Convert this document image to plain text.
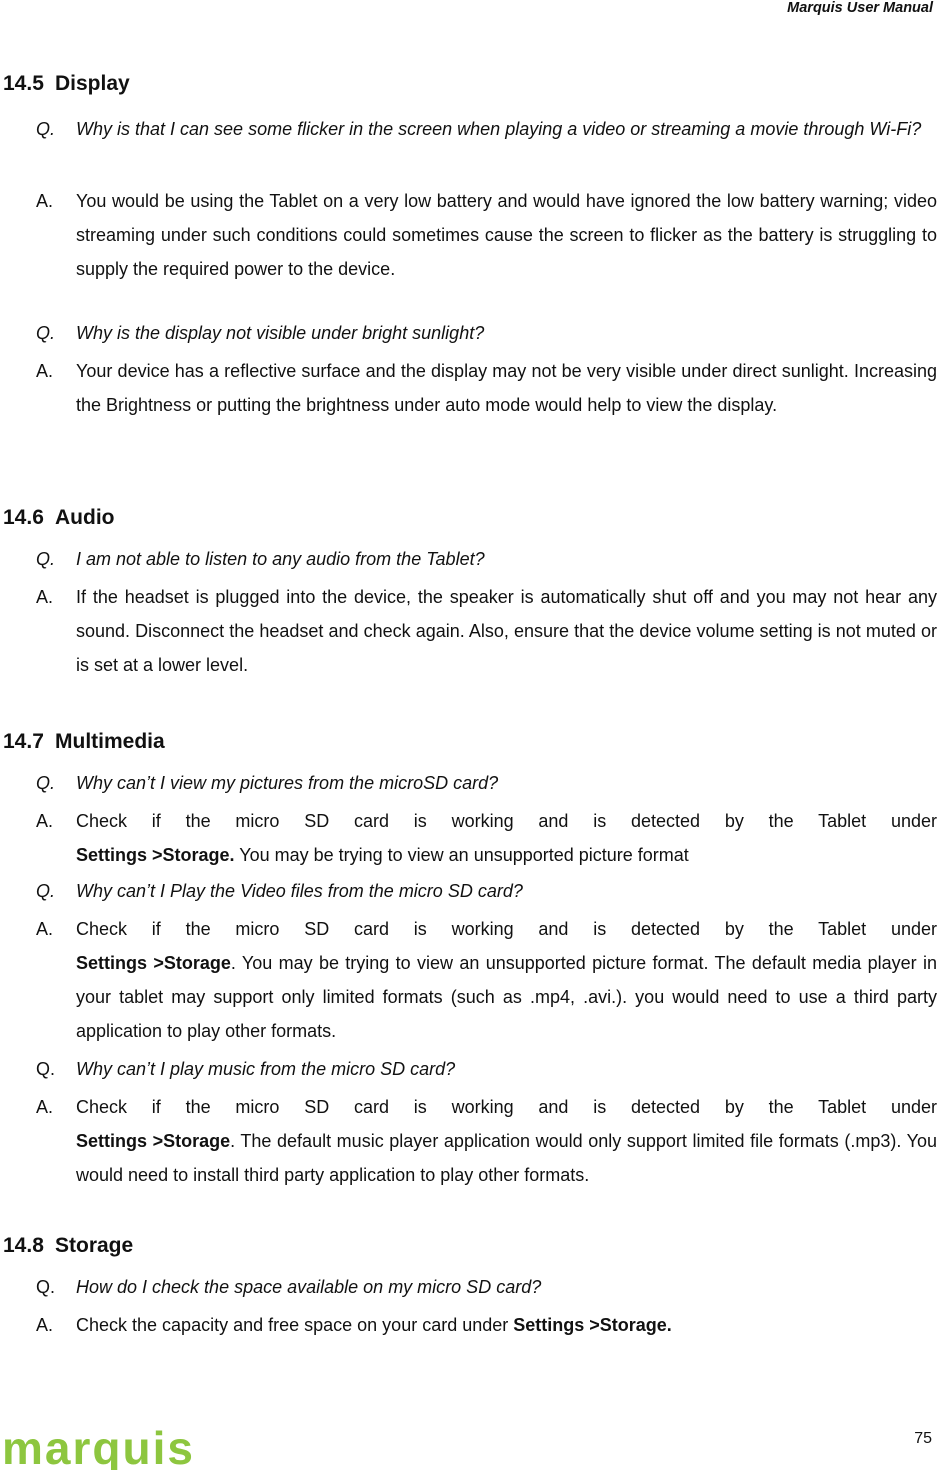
Marquis User Manual
14.5 Display
Q. Why is that I can see some flicker in the screen when playing a video or streaming a movie through Wi-Fi?
A. You would be using the Tablet on a very low battery and would have ignored the low battery warning; video streaming under such conditions could sometimes cause the screen to flicker as the battery is struggling to supply the required power to the device.
Q. Why is the display not visible under bright sunlight?
A. Your device has a reflective surface and the display may not be very visible under direct sunlight. Increasing the Brightness or putting the brightness under auto mode would help to view the display.
14.6 Audio
Q. I am not able to listen to any audio from the Tablet?
A. If the headset is plugged into the device, the speaker is automatically shut off and you may not hear any sound. Disconnect the headset and check again. Also, ensure that the device volume setting is not muted or is set at a lower level.
14.7 Multimedia
Q. Why can’t I view my pictures from the microSD card?
A. Check if the micro SD card is working and is detected by the Tablet under Settings >Storage. You may be trying to view an unsupported picture format
Q. Why can’t I Play the Video files from the micro SD card?
A. Check if the micro SD card is working and is detected by the Tablet under Settings >Storage. You may be trying to view an unsupported picture format. The default media player in your tablet may support only limited formats (such as .mp4, .avi.). you would need to use a third party application to play other formats.
Q. Why can’t I play music from the micro SD card?
A. Check if the micro SD card is working and is detected by the Tablet under Settings >Storage. The default music player application would only support limited file formats (.mp3). You would need to install third party application to play other formats.
14.8 Storage
Q. How do I check the space available on my micro SD card?
A. Check the capacity and free space on your card under Settings >Storage.
marquis	75
